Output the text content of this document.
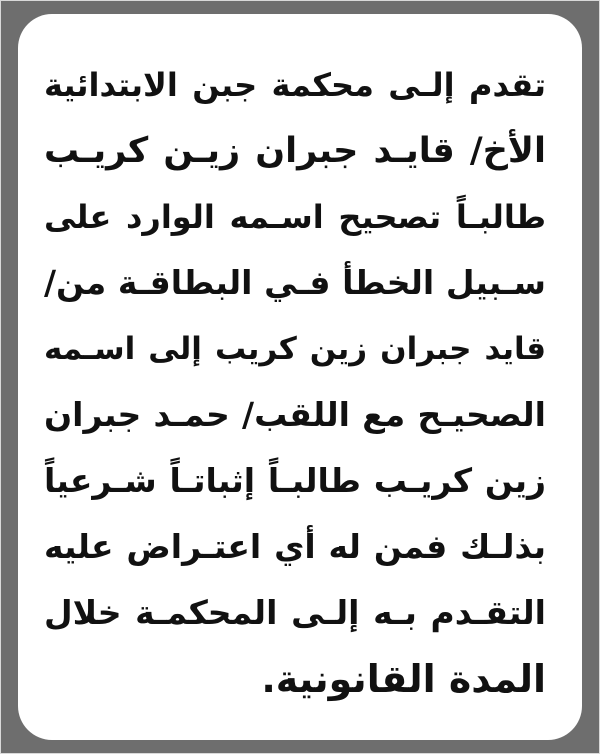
تقدم إلـى محكمة جبن الابتدائية
الأخ/ قايـد جبران زيـن كريـب
طالبـاً تصحيح اسـمه الوارد على
سـبيل الخطأ فـي البطاقـة من/
قايد جبران زين كريب إلى اسـمه
الصحيـح مع اللقب/ حمـد جبران
زين كريـب طالبـاً إثباتـاً شـرعياً
بذلـك فمن له أي اعتـراض عليه
التقـدم بـه إلـى المحكمـة خلال
المدة القانونية.
